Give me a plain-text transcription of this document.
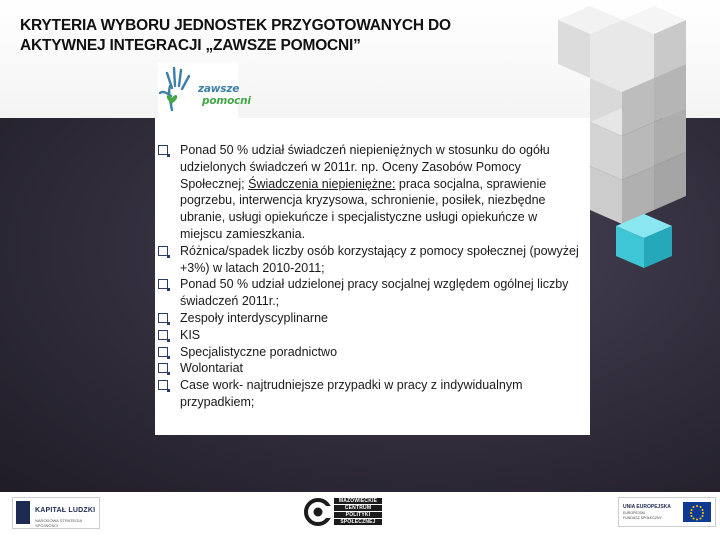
KRYTERIA WYBORU JEDNOSTEK PRZYGOTOWANYCH DO
AKTYWNEJ INTEGRACJI „ZAWSZE POMOCNI”
zawsze
pomocni
Ponad 50 % udział świadczeń niepieniężnych w stosunku do ogółu udzielonych świadczeń w 2011r. np. Oceny Zasobów Pomocy Społecznej; Świadczenia niepieniężne: praca socjalna, sprawienie pogrzebu, interwencja kryzysowa, schronienie, posiłek, niezbędne ubranie, usługi opiekuńcze i specjalistyczne usługi opiekuńcze w miejscu zamieszkania.
Różnica/spadek liczby osób korzystający z pomocy społecznej (powyżej +3%) w latach 2010-2011;
Ponad 50 % udział udzielonej pracy socjalnej względem ogólnej liczby świadczeń 2011r.;
Zespoły interdyscyplinarne
KIS
Specjalistyczne poradnictwo
Wolontariat
Case work- najtrudniejsze przypadki w pracy z indywidualnym przypadkiem;
KAPITAŁ LUDZKI
NARODOWA STRATEGIA SPÓJNOŚCI
MAZOWIECKIE
CENTRUM
POLITYKI
SPOŁECZNEJ
UNIA EUROPEJSKA
EUROPEJSKI
FUNDUSZ SPOŁECZNY
